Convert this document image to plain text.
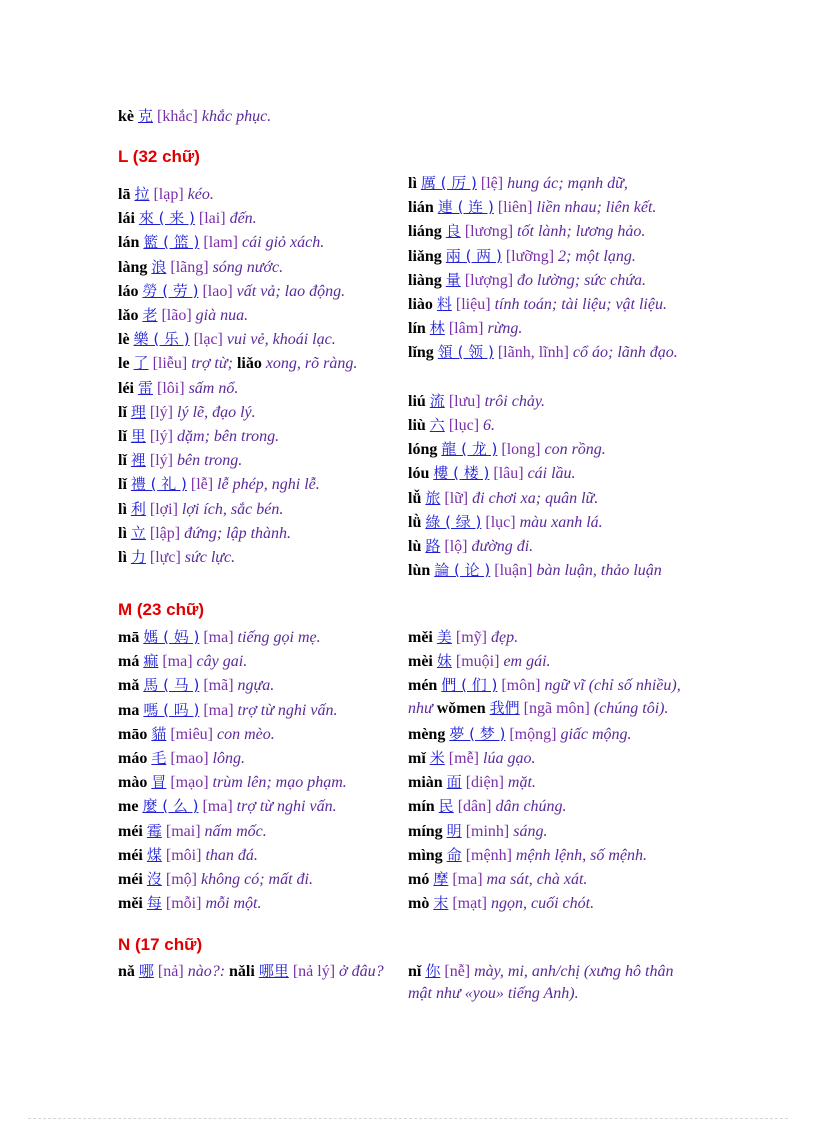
kè 克 [khắc] khắc phục.
L (32 chữ)
lā 拉 [lạp] kéo.
lái 來 ( 来 ) [lai] đến.
lán 籃 ( 篮 ) [lam] cái giỏ xách.
làng 浪 [lãng] sóng nước.
láo 勞 ( 劳 ) [lao] vất vả; lao động.
lǎo 老 [lão] già nua.
lè 樂 ( 乐 ) [lạc] vui vẻ, khoái lạc.
le 了 [liễu] trợ từ; liǎo xong, rõ ràng.
léi 雷 [lôi] sấm nổ.
lǐ 理 [lý] lý lẽ, đạo lý.
lǐ 里 [lý] dặm; bên trong.
lǐ 裡 [lý] bên trong.
lǐ 禮 ( 礼 ) [lễ] lễ phép, nghi lễ.
lì 利 [lợi] lợi ích, sắc bén.
lì 立 [lập] đứng; lập thành.
lì 力 [lực] sức lực.
lì 厲 ( 厉 ) [lệ] hung ác; mạnh dữ,
lián 連 ( 连 ) [liên] liền nhau; liên kết.
liáng 良 [lương] tốt lành; lương hảo.
liǎng 兩 ( 两 ) [lưỡng] 2; một lạng.
liàng 量 [lượng] đo lường; sức chứa.
liào 料 [liệu] tính toán; tài liệu; vật liệu.
lín 林 [lâm] rừng.
lǐng 領 ( 领 ) [lãnh, lĩnh] cổ áo; lãnh đạo.
liú 流 [lưu] trôi chảy.
liù 六 [lục] 6.
lóng 龍 ( 龙 ) [long] con rồng.
lóu 樓 ( 楼 ) [lâu] cái lầu.
lǚ 旅 [lữ] đi chơi xa; quân lữ.
lǜ 綠 ( 绿 ) [lục] màu xanh lá.
lù 路 [lộ] đường đi.
lùn 論 ( 论 ) [luận] bàn luận, thảo luận
M (23 chữ)
mā 媽 ( 妈 ) [ma] tiếng gọi mẹ.
má 痲 [ma] cây gai.
mǎ 馬 ( 马 ) [mã] ngựa.
ma 嗎 ( 吗 ) [ma] trợ từ nghi vấn.
māo 貓 [miêu] con mèo.
máo 毛 [mao] lông.
mào 冒 [mạo] trùm lên; mạo phạm.
me 麼 ( 么 ) [ma] trợ từ nghi vấn.
méi 霉 [mai] nấm mốc.
méi 煤 [môi] than đá.
méi 沒 [mộ] không có; mất đi.
měi 每 [mỗi] mỗi một.
měi 美 [mỹ] đẹp.
mèi 妹 [muội] em gái.
mén 們 ( 们 ) [môn] ngữ vĩ (chỉ số nhiều), như wǒmen 我們 [ngã môn] (chúng tôi).
mèng 夢 ( 梦 ) [mộng] giấc mộng.
mǐ 米 [mễ] lúa gạo.
miàn 面 [diện] mặt.
mín 民 [dân] dân chúng.
míng 明 [minh] sáng.
mìng 命 [mệnh] mệnh lệnh, số mệnh.
mó 摩 [ma] ma sát, chà xát.
mò 末 [mạt] ngọn, cuối chót.
N (17 chữ)
nǎ 哪 [nả] nào?: nǎli 哪里 [nả lý] ở đâu?	nǐ 你 [nễ] mày, mi, anh/chị (xưng hô thân mật như «you» tiếng Anh).
